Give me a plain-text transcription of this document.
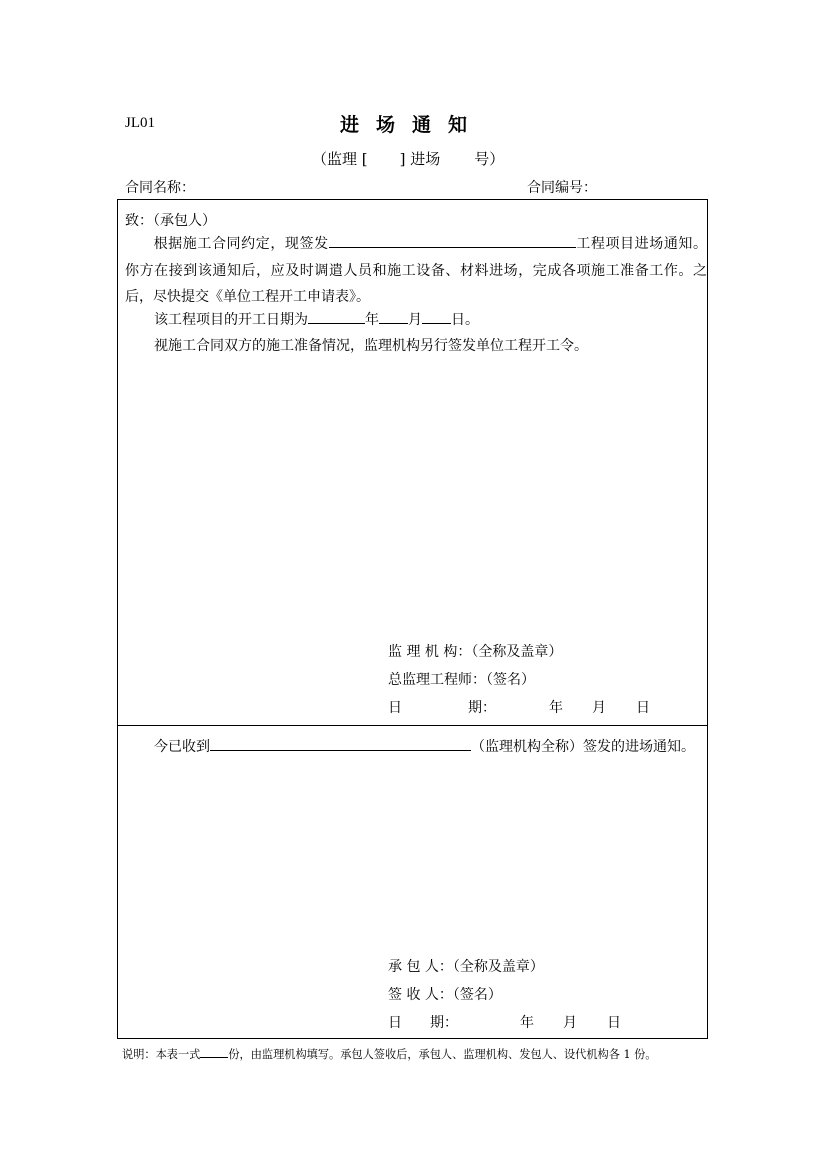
JL01	进场通知
（监理 [ ] 进场 号）
合同名称：	合同编号：
致：（承包人）
根据施工合同约定，现签发	工程项目进场通知。你方在接到该通知后，应及时调遣人员和施工设备、材料进场，完成各项施工准备工作。之后，尽快提交《单位工程开工申请表》。
该工程项目的开工日期为	年 月 日。
视施工合同双方的施工准备情况，监理机构另行签发单位工程开工令。
监 理 机 构：（全称及盖章）
总监理工程师：（签名）
日	期：	年 月 日
今已收到	（监理机构全称）签发的进场通知。
承 包 人：（全称及盖章）
签 收 人：（签名）
日 期：	年 月 日
说明：本表一式	份，由监理机构填写。承包人签收后，承包人、监理机构、发包人、设代机构各 1 份。
